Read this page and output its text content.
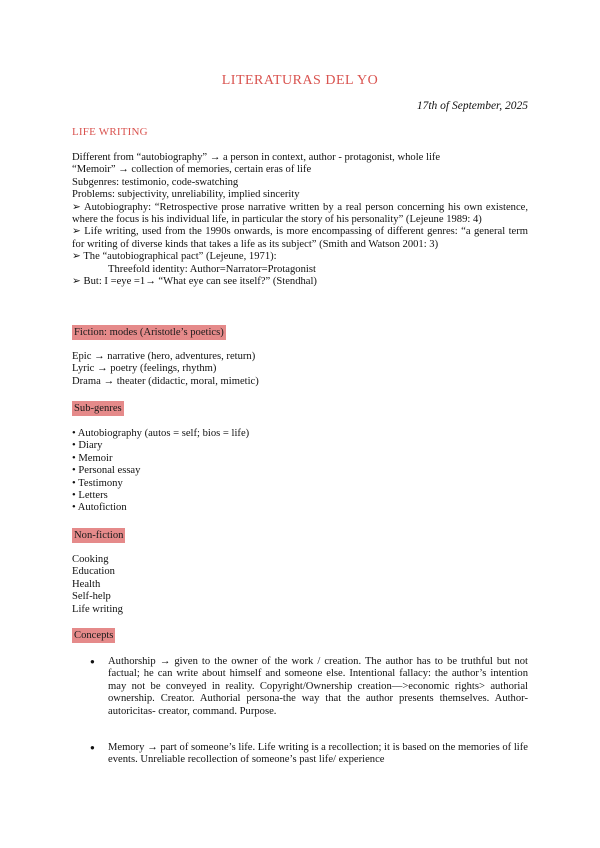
LITERATURAS DEL YO
17th of September, 2025
LIFE WRITING
Different from “autobiography” → a person in context, author - protagonist, whole life
“Memoir” → collection of memories, certain eras of life
Subgenres: testimonio, code-swatching
Problems: subjectivity, unreliability, implied sincerity
➢ Autobiography: “Retrospective prose narrative written by a real person concerning his own existence, where the focus is his individual life, in particular the story of his personality” (Lejeune 1989: 4)
➢ Life writing, used from the 1990s onwards, is more encompassing of different genres: “a general term for writing of diverse kinds that takes a life as its subject” (Smith and Watson 2001: 3)
➢ The “autobiographical pact” (Lejeune, 1971):
Threefold identity: Author=Narrator=Protagonist
➢ But: I =eye =1→ “What eye can see itself?” (Stendhal)
Fiction: modes (Aristotle’s poetics)
Epic → narrative (hero, adventures, return)
Lyric → poetry (feelings, rhythm)
Drama → theater (didactic, moral, mimetic)
Sub-genres
• Autobiography (autos = self; bios = life)
• Diary
• Memoir
• Personal essay
• Testimony
• Letters
• Autofiction
Non-fiction
Cooking
Education
Health
Self-help
Life writing
Concepts
● Authorship → given to the owner of the work / creation. The author has to be truthful but not factual; he can write about himself and someone else. Intentional fallacy: the author’s intention may not be conveyed in reality. Copyright/Ownership creation—>economic rights> authorial ownership. Creator. Authorial persona-the way that the author presents themselves. Author-autoricitas- creator, command. Purpose.
● Memory → part of someone’s life. Life writing is a recollection; it is based on the memories of life events. Unreliable recollection of someone’s past life/ experience
